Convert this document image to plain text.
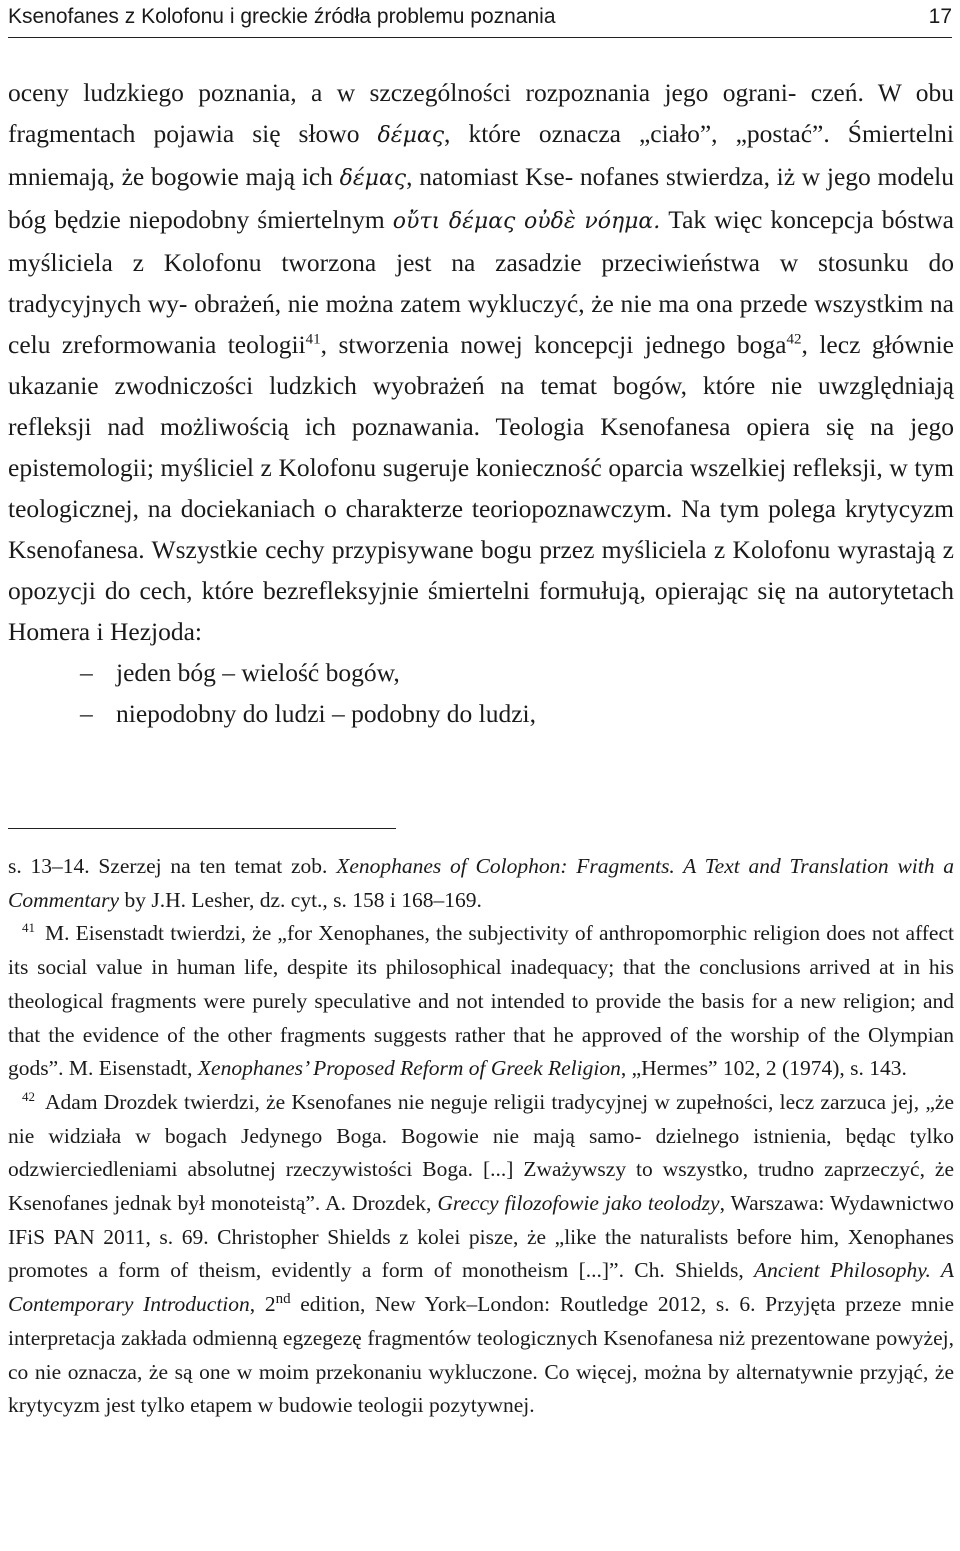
Ksenofanes z Kolofonu i greckie źródła problemu poznania	17

oceny ludzkiego poznania, a w szczególności rozpoznania jego ograni- czeń. W obu fragmentach pojawia się słowo δέμας, które oznacza „ciało”, „postać”. Śmiertelni mniemają, że bogowie mają ich δέμας, natomiast Kse- nofanes stwierdza, iż w jego modelu bóg będzie niepodobny śmiertelnym οὔτι δέμας οὐδὲ νόημα. Tak więc koncepcja bóstwa myśliciela z Kolofonu tworzona jest na zasadzie przeciwieństwa w stosunku do tradycyjnych wy- obrażeń, nie można zatem wykluczyć, że nie ma ona przede wszystkim na celu zreformowania teologii$^{41}$, stworzenia nowej koncepcji jednego boga$^{42}$, lecz głównie ukazanie zwodniczości ludzkich wyobrażeń na temat bogów, które nie uwzględniają refleksji nad możliwością ich poznawania. Teologia Ksenofanesa opiera się na jego epistemologii; myśliciel z Kolofonu sugeruje konieczność oparcia wszelkiej refleksji, w tym teologicznej, na dociekaniach o charakterze teoriopoznawczym. Na tym polega krytycyzm Ksenofanesa. Wszystkie cechy przypisywane bogu przez myśliciela z Kolofonu wyrastają z opozycji do cech, które bezrefleksyjnie śmiertelni formułują, opierając się na autorytetach Homera i Hezjoda:

– jeden bóg – wielość bogów,
– niepodobny do ludzi – podobny do ludzi,

s. 13–14. Szerzej na ten temat zob. Xenophanes of Colophon: Fragments. A Text and Translation with a Commentary by J.H. Lesher, dz. cyt., s. 158 i 168–169.

41 M. Eisenstadt twierdzi, że „for Xenophanes, the subjectivity of anthropomorphic religion does not affect its social value in human life, despite its philosophical inadequacy; that the conclusions arrived at in his theological fragments were purely speculative and not intended to provide the basis for a new religion; and that the evidence of the other fragments suggests rather that he approved of the worship of the Olympian gods”. M. Eisenstadt, Xenophanes’ Proposed Reform of Greek Religion, „Hermes” 102, 2 (1974), s. 143.

42 Adam Drozdek twierdzi, że Ksenofanes nie neguje religii tradycyjnej w zupełności, lecz zarzuca jej, „że nie widziała w bogach Jedynego Boga. Bogowie nie mają samo- dzielnego istnienia, będąc tylko odzwierciedleniami absolutnej rzeczywistości Boga. [...] Zważywszy to wszystko, trudno zaprzeczyć, że Ksenofanes jednak był monoteistą”. A. Drozdek, Greccy filozofowie jako teolodzy, Warszawa: Wydawnictwo IFiS PAN 2011, s. 69. Christopher Shields z kolei pisze, że „like the naturalists before him, Xenophanes promotes a form of theism, evidently a form of monotheism [...]”. Ch. Shields, Ancient Philosophy. A Contemporary Introduction, 2nd edition, New York–London: Routledge 2012, s. 6. Przyjęta przeze mnie interpretacja zakłada odmienną egzegezę fragmentów teologicznych Ksenofanesa niż prezentowane powyżej, co nie oznacza, że są one w moim przekonaniu wykluczone. Co więcej, można by alternatywnie przyjąć, że krytycyzm jest tylko etapem w budowie teologii pozytywnej.
